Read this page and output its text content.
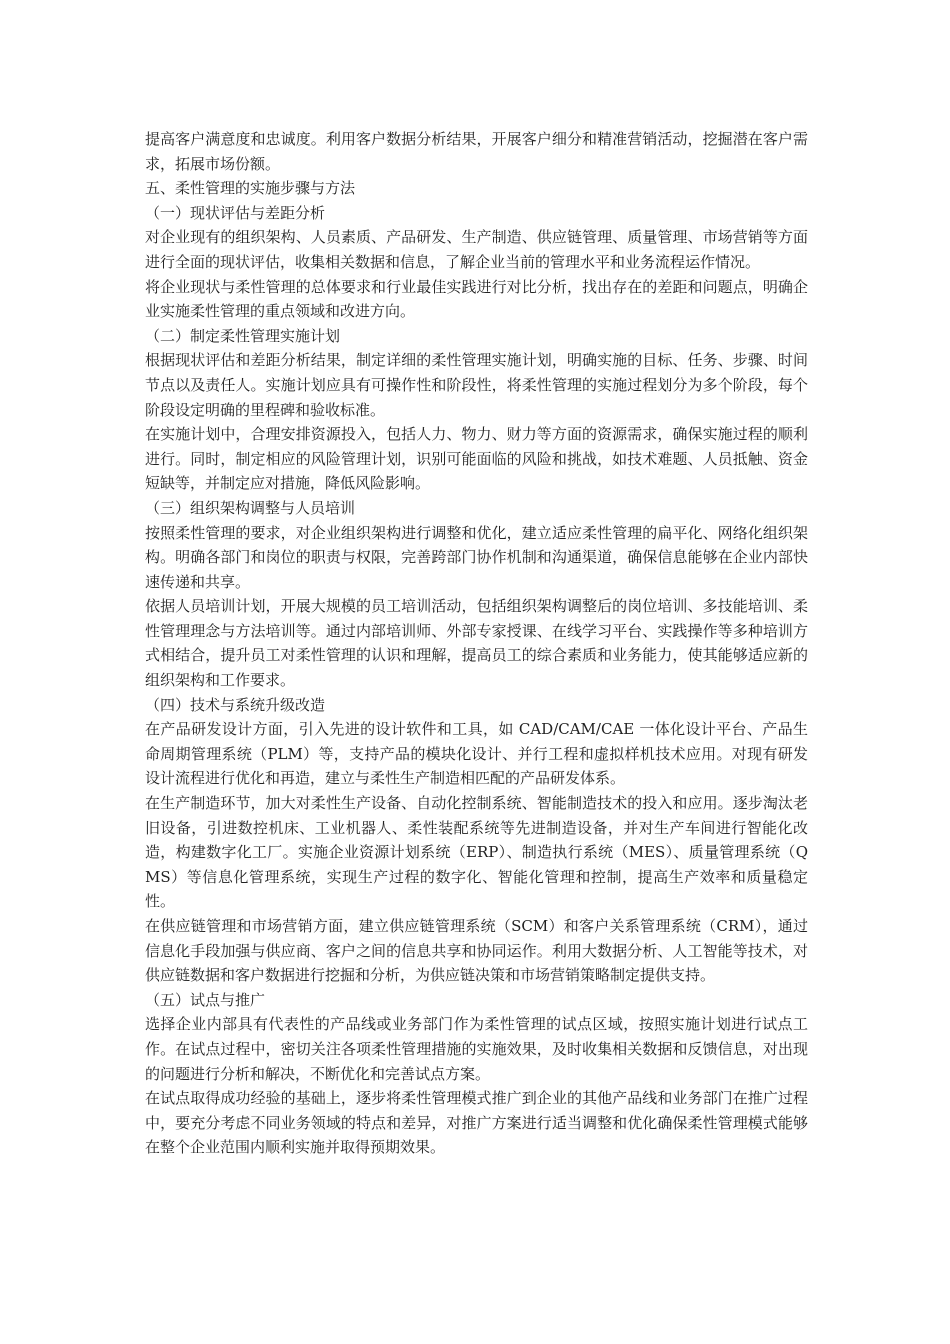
提高客户满意度和忠诚度。利用客户数据分析结果，开展客户细分和精准营销活动，挖掘潜在客户需求，拓展市场份额。

五、柔性管理的实施步骤与方法

（一）现状评估与差距分析

对企业现有的组织架构、人员素质、产品研发、生产制造、供应链管理、质量管理、市场营销等方面进行全面的现状评估，收集相关数据和信息，了解企业当前的管理水平和业务流程运作情况。

将企业现状与柔性管理的总体要求和行业最佳实践进行对比分析，找出存在的差距和问题点，明确企业实施柔性管理的重点领域和改进方向。

（二）制定柔性管理实施计划

根据现状评估和差距分析结果，制定详细的柔性管理实施计划，明确实施的目标、任务、步骤、时间节点以及责任人。实施计划应具有可操作性和阶段性，将柔性管理的实施过程划分为多个阶段，每个阶段设定明确的里程碑和验收标准。

在实施计划中，合理安排资源投入，包括人力、物力、财力等方面的资源需求，确保实施过程的顺利进行。同时，制定相应的风险管理计划，识别可能面临的风险和挑战，如技术难题、人员抵触、资金短缺等，并制定应对措施，降低风险影响。

（三）组织架构调整与人员培训

按照柔性管理的要求，对企业组织架构进行调整和优化，建立适应柔性管理的扁平化、网络化组织架构。明确各部门和岗位的职责与权限，完善跨部门协作机制和沟通渠道，确保信息能够在企业内部快速传递和共享。

依据人员培训计划，开展大规模的员工培训活动，包括组织架构调整后的岗位培训、多技能培训、柔性管理理念与方法培训等。通过内部培训师、外部专家授课、在线学习平台、实践操作等多种培训方式相结合，提升员工对柔性管理的认识和理解，提高员工的综合素质和业务能力，使其能够适应新的组织架构和工作要求。

（四）技术与系统升级改造

在产品研发设计方面，引入先进的设计软件和工具，如 CAD/CAM/CAE 一体化设计平台、产品生命周期管理系统（PLM）等，支持产品的模块化设计、并行工程和虚拟样机技术应用。对现有研发设计流程进行优化和再造，建立与柔性生产制造相匹配的产品研发体系。

在生产制造环节，加大对柔性生产设备、自动化控制系统、智能制造技术的投入和应用。逐步淘汰老旧设备，引进数控机床、工业机器人、柔性装配系统等先进制造设备，并对生产车间进行智能化改造，构建数字化工厂。实施企业资源计划系统（ERP）、制造执行系统（MES）、质量管理系统（QMS）等信息化管理系统，实现生产过程的数字化、智能化管理和控制，提高生产效率和质量稳定性。

在供应链管理和市场营销方面，建立供应链管理系统（SCM）和客户关系管理系统（CRM），通过信息化手段加强与供应商、客户之间的信息共享和协同运作。利用大数据分析、人工智能等技术，对供应链数据和客户数据进行挖掘和分析，为供应链决策和市场营销策略制定提供支持。

（五）试点与推广

选择企业内部具有代表性的产品线或业务部门作为柔性管理的试点区域，按照实施计划进行试点工作。在试点过程中，密切关注各项柔性管理措施的实施效果，及时收集相关数据和反馈信息，对出现的问题进行分析和解决，不断优化和完善试点方案。

在试点取得成功经验的基础上，逐步将柔性管理模式推广到企业的其他产品线和业务部门在推广过程中，要充分考虑不同业务领域的特点和差异，对推广方案进行适当调整和优化确保柔性管理模式能够在整个企业范围内顺利实施并取得预期效果。
